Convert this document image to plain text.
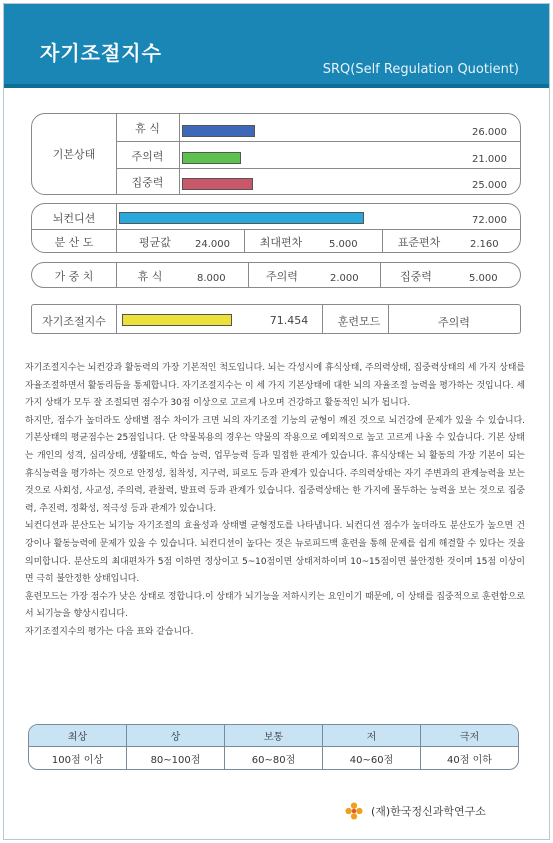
자기조절지수
SRQ(Self Regulation Quotient)
기본상태
휴 식	26.000
주의력	21.000
집중력	25.000
뇌컨디션	72.000
분 산 도	평균값	24.000	최대편차	5.000	표준편차	2.160
가 중 치	휴 식	8.000	주의력	2.000	집중력	5.000
자기조절지수	71.454	훈련모드	주의력

자기조절지수는 뇌컨강과 활동력의 가장 기본적인 척도입니다. 뇌는 각성시에 휴식상태, 주의력상태, 집중력상태의 세 가지 상태를 자율조절하면서 활동리듬을 통제합니다. 자기조절지수는 이 세 가지 기본상태에 대한 뇌의 자율조절 능력을 평가하는 것입니다. 세 가지 상태가 모두 잘 조절되면 점수가 30점 이상으로 고르게 나오며 건강하고 활동적인 뇌가 됩니다.

하지만, 점수가 높더라도 상태별 점수 차이가 크면 뇌의 자기조절 기능의 균형이 깨진 것으로 뇌건강에 문제가 있을 수 있습니다. 기본상태의 평균점수는 25점입니다. 단 약물복용의 경우는 약물의 작용으로 예외적으로 높고 고르게 나올 수 있습니다. 기본 상태는 개인의 성격, 심리상태, 생활태도, 학습 능력, 업무능력 등과 밀접한 관계가 있습니다. 휴식상태는 뇌 활동의 가장 기본이 되는 휴식능력을 평가하는 것으로 안정성, 침착성, 지구력, 피로도 등과 관계가 있습니다. 주의력상태는 자기 주변과의 관계능력을 보는 것으로 사회성, 사교성, 주의력, 관찰력, 발표력 등과 관계가 있습니다. 집중력상태는 한 가지에 몰두하는 능력을 보는 것으로 집중력, 추진력, 정확성, 적극성 등과 관계가 있습니다.

뇌컨디션과 분산도는 뇌기능 자기조절의 효율성과 상태별 균형정도를 나타냅니다. 뇌컨디션 점수가 높더라도 분산도가 높으면 건강이나 활동능력에 문제가 있을 수 있습니다. 뇌컨디션이 높다는 것은 뉴로피드백 훈련을 통해 문제를 쉽게 해결할 수 있다는 것을 의미합니다. 분산도의 최대편차가 5점 이하면 정상이고 5~10점이면 상태저하이며 10~15점이면 불안정한 것이며 15점 이상이면 극히 불안정한 상태입니다.

훈련모드는 가장 점수가 낮은 상태로 정합니다.이 상태가 뇌기능을 저하시키는 요인이기 때문에, 이 상태를 집중적으로 훈련함으로서 뇌기능을 향상시킵니다.

자기조절지수의 평가는 다음 표와 같습니다.

최상	상	보통	저	극저
100점 이상	80~100점	60~80점	40~60점	40점 이하
(재)한국정신과학연구소
